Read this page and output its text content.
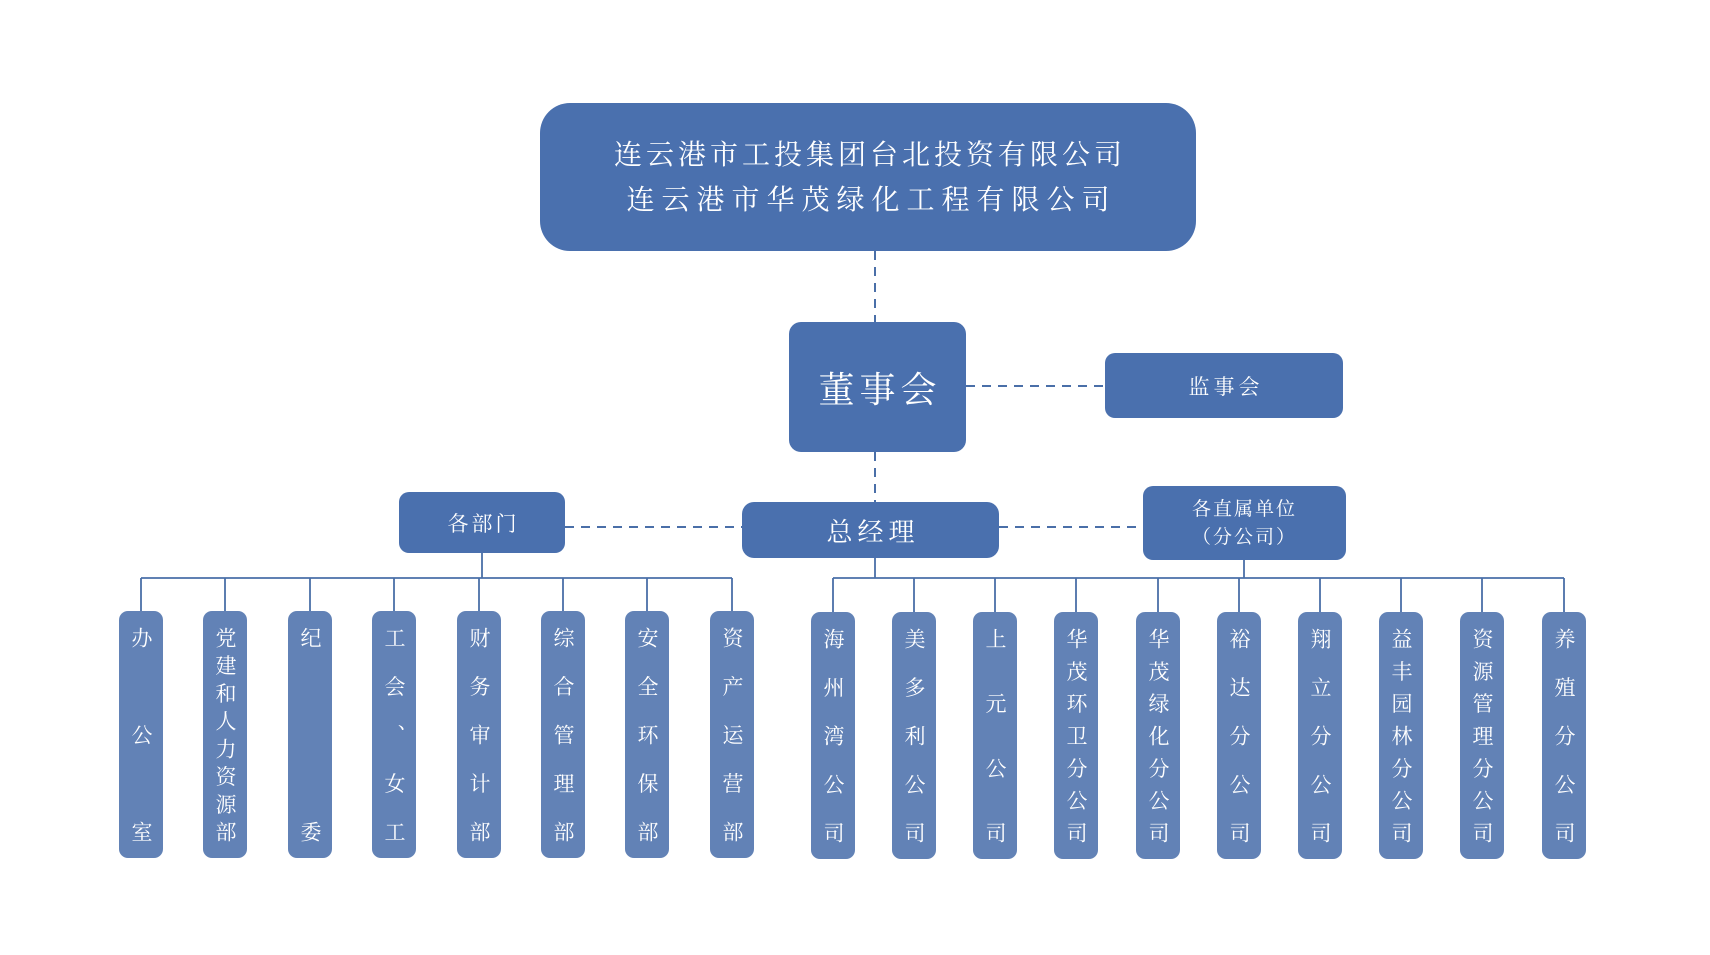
连云港市工投集团台北投资有限公司
连云港市华茂绿化工程有限公司
董事会	监事会
总经理
各部门
各直属单位
（分公司）
办公室	党建和人力资源部	纪委	工会、女工	财务审计部	综合管理部	安全环保部	资产运营部	海州湾公司	美多利公司	上元公司	华茂环卫分公司	华茂绿化分公司	裕达分公司	翔立分公司	益丰园林分公司	资源管理分公司	养殖分公司
